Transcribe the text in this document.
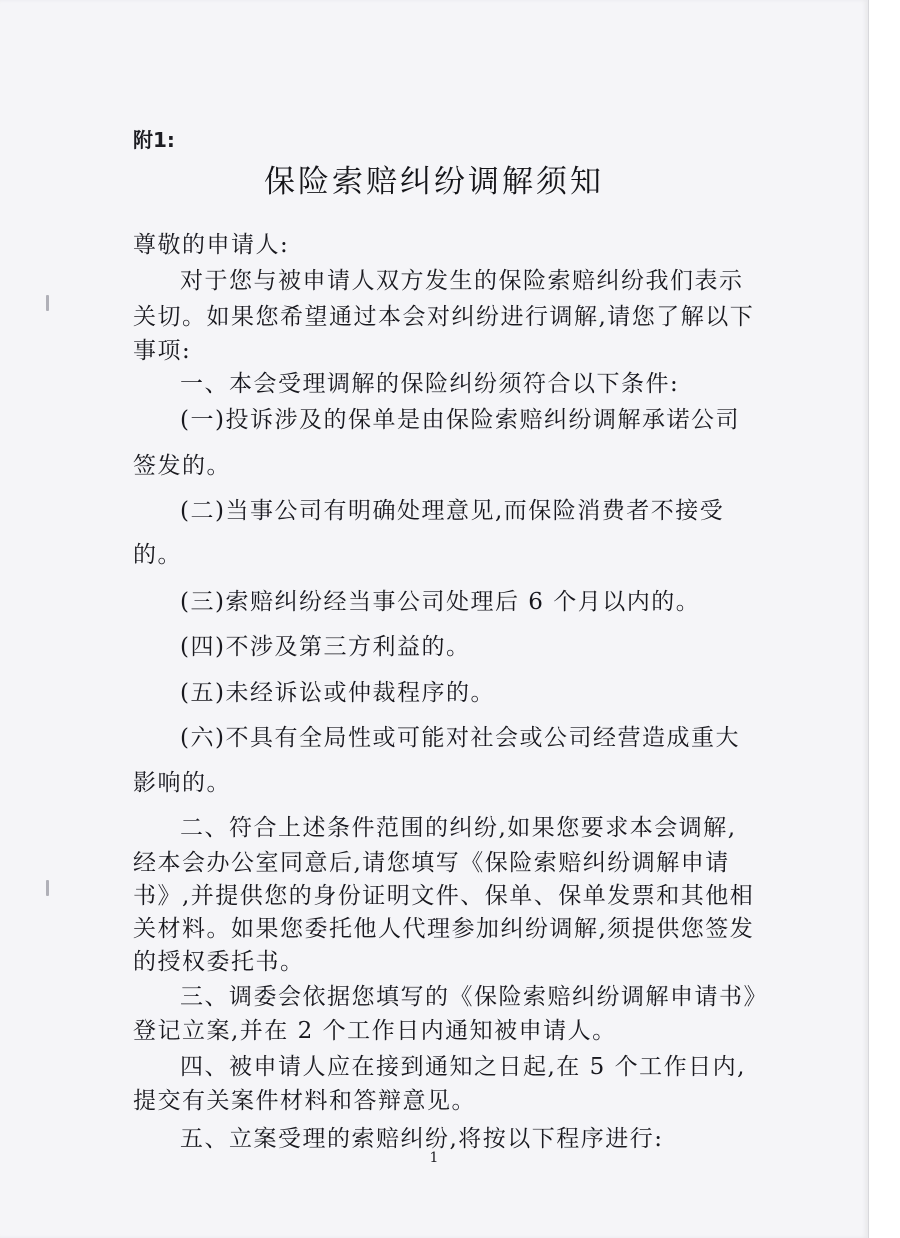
附1:
保险索赔纠纷调解须知
尊敬的申请人:
对于您与被申请人双方发生的保险索赔纠纷我们表示
关切。如果您希望通过本会对纠纷进行调解,请您了解以下
事项:
一、本会受理调解的保险纠纷须符合以下条件:
(一)投诉涉及的保单是由保险索赔纠纷调解承诺公司
签发的。
(二)当事公司有明确处理意见,而保险消费者不接受
的。
(三)索赔纠纷经当事公司处理后 6 个月以内的。
(四)不涉及第三方利益的。
(五)未经诉讼或仲裁程序的。
(六)不具有全局性或可能对社会或公司经营造成重大
影响的。
二、符合上述条件范围的纠纷,如果您要求本会调解,
经本会办公室同意后,请您填写《保险索赔纠纷调解申请
书》,并提供您的身份证明文件、保单、保单发票和其他相
关材料。如果您委托他人代理参加纠纷调解,须提供您签发
的授权委托书。
三、调委会依据您填写的《保险索赔纠纷调解申请书》
登记立案,并在 2 个工作日内通知被申请人。
四、被申请人应在接到通知之日起,在 5 个工作日内,
提交有关案件材料和答辩意见。
五、立案受理的索赔纠纷,将按以下程序进行:
1
